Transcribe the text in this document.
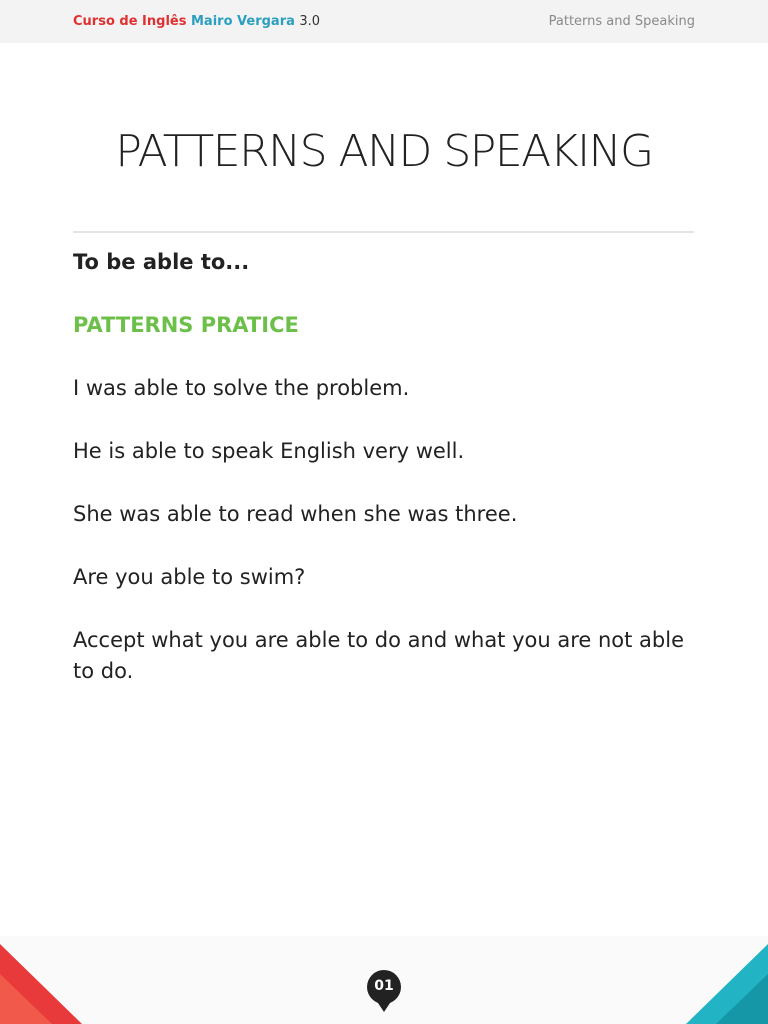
Curso de Inglês Mairo Vergara 3.0	Patterns and Speaking
PATTERNS AND SPEAKING

To be able to...

PATTERNS PRATICE

I was able to solve the problem.

He is able to speak English very well.

She was able to read when she was three.

Are you able to swim?

Accept what you are able to do and what you are not able to do.

01
